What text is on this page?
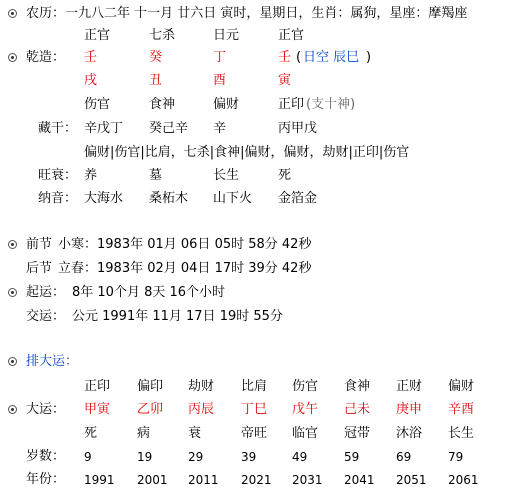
农历： 一九八二年 十一月 廿六日 寅时，星期日，生肖：属狗，星座：摩羯座
正官	七杀	日元	正官
乾造： 壬	癸	丁	壬 ( 日空 辰巳 )
戌	丑	酉	寅
伤官	食神	偏财	正印 (支十神)
藏干： 辛戊丁 癸己辛 辛	丙甲戊
偏财|伤官|比肩，七杀|食神|偏财，偏财，劫财|正印|伤官
旺衰： 养	墓	长生	死
纳音： 大海水 桑柘木 山下火 金箔金
前节 小寒：1983年 01月 06日 05时 58分 42秒
后节 立春：1983年 02月 04日 17时 39分 42秒
起运： 8年 10个月 8天 16个小时
交运： 公元 1991年 11月 17日 19时 55分
排大运：
正印 偏印 劫财 比肩 伤官 食神 正财 偏财
大运： 甲寅 乙卯 丙辰 丁巳 戊午 己未 庚申 辛酉
死	病	衰	帝旺 临官 冠带 沐浴 长生
岁数： 9	19	29	39	49	59	69	79
年份： 1991 2001 2011 2021 2031 2041 2051 2061
